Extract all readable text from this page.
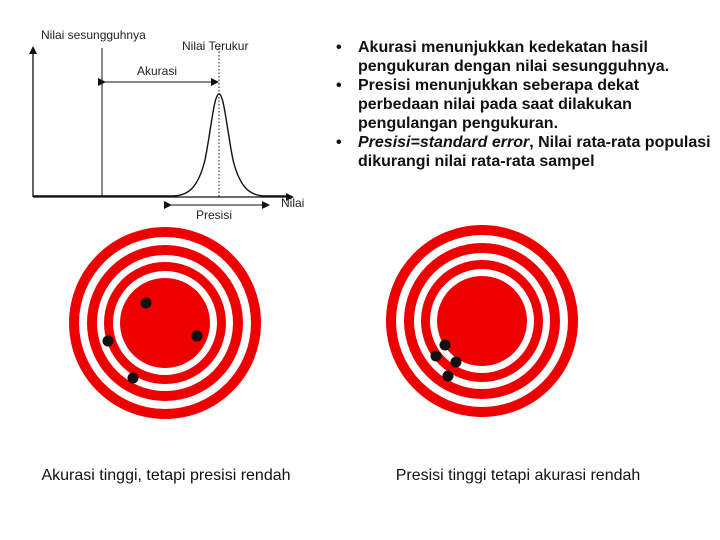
Nilai sesungguhnya
Nilai Terukur
Akurasi
Presisi
Nilai
• Akurasi menunjukkan kedekatan hasil pengukuran dengan nilai sesungguhnya.
• Presisi menunjukkan seberapa dekat perbedaan nilai pada saat dilakukan pengulangan pengukuran.
• Presisi=standard error, Nilai rata-rata populasi dikurangi nilai rata-rata sampel
Akurasi tinggi, tetapi presisi rendah	Presisi tinggi tetapi akurasi rendah
